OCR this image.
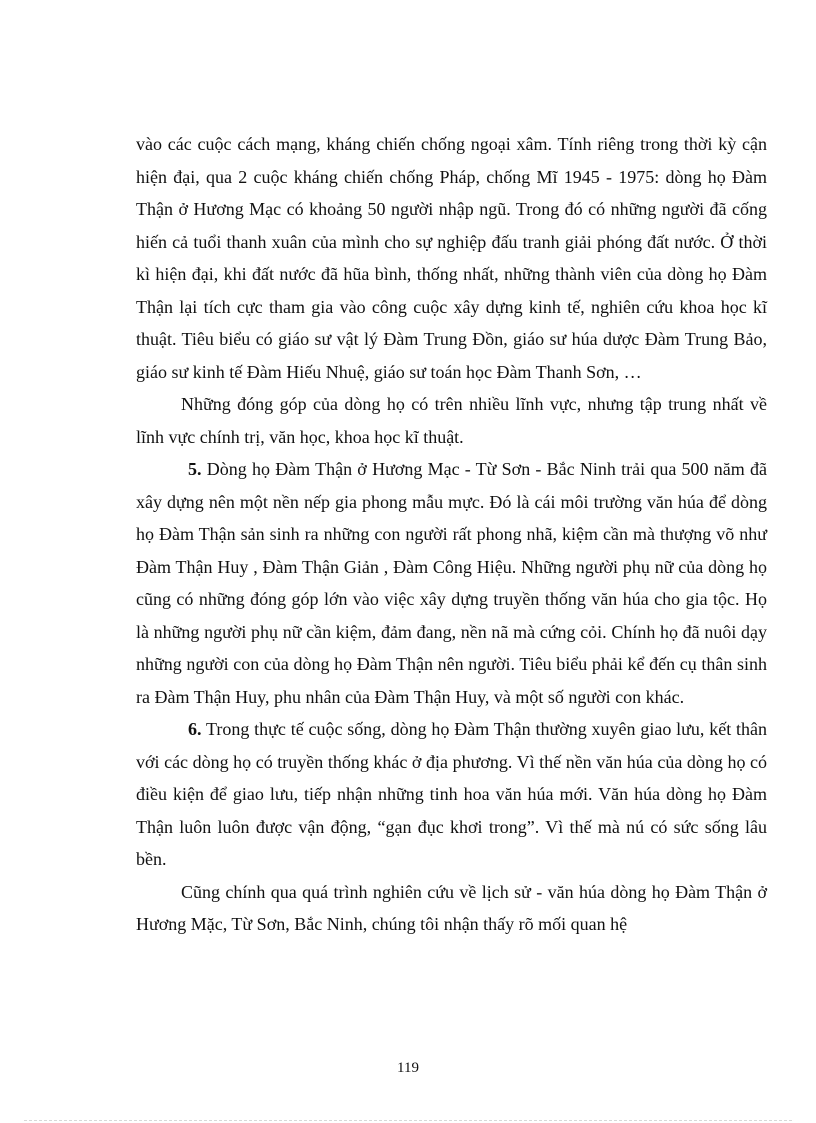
vào các cuộc cách mạng, kháng chiến chống ngoại xâm. Tính riêng trong thời kỳ cận hiện đại, qua 2 cuộc kháng chiến chống Pháp, chống Mĩ 1945 - 1975: dòng họ Đàm Thận ở Hương Mạc có khoảng 50 người nhập ngũ. Trong đó có những người đã cống hiến cả tuổi thanh xuân của mình cho sự nghiệp đấu tranh giải phóng đất nước. Ở thời kì hiện đại, khi đất nước đã hũa bình, thống nhất, những thành viên của dòng họ Đàm Thận lại tích cực tham gia vào công cuộc xây dựng kinh tế, nghiên cứu khoa học kĩ thuật. Tiêu biểu có giáo sư vật lý Đàm Trung Đồn, giáo sư húa dược Đàm Trung Bảo, giáo sư kinh tế Đàm Hiếu Nhuệ, giáo sư toán học Đàm Thanh Sơn, …

Những đóng góp của dòng họ có trên nhiều lĩnh vực, nhưng tập trung nhất về lĩnh vực chính trị, văn học, khoa học kĩ thuật.

5. Dòng họ Đàm Thận ở Hương Mạc - Từ Sơn - Bắc Ninh trải qua 500 năm đã xây dựng nên một nền nếp gia phong mẫu mực. Đó là cái môi trường văn húa để dòng họ Đàm Thận sản sinh ra những con người rất phong nhã, kiệm cần mà thượng võ như Đàm Thận Huy , Đàm Thận Giản , Đàm Công Hiệu. Những người phụ nữ của dòng họ cũng có những đóng góp lớn vào việc xây dựng truyền thống văn húa cho gia tộc. Họ là những người phụ nữ cần kiệm, đảm đang, nền nã mà cứng cỏi. Chính họ đã nuôi dạy những người con của dòng họ Đàm Thận nên người. Tiêu biểu phải kể đến cụ thân sinh ra Đàm Thận Huy, phu nhân của Đàm Thận Huy, và một số người con khác.

6. Trong thực tế cuộc sống, dòng họ Đàm Thận thường xuyên giao lưu, kết thân với các dòng họ có truyền thống khác ở địa phương. Vì thế nền văn húa của dòng họ có điều kiện để giao lưu, tiếp nhận những tinh hoa văn húa mới. Văn húa dòng họ Đàm Thận luôn luôn được vận động, “gạn đục khơi trong”. Vì thế mà nú có sức sống lâu bền.

Cũng chính qua quá trình nghiên cứu về lịch sử - văn húa dòng họ Đàm Thận ở Hương Mặc, Từ Sơn, Bắc Ninh, chúng tôi nhận thấy rõ mối quan hệ

119
